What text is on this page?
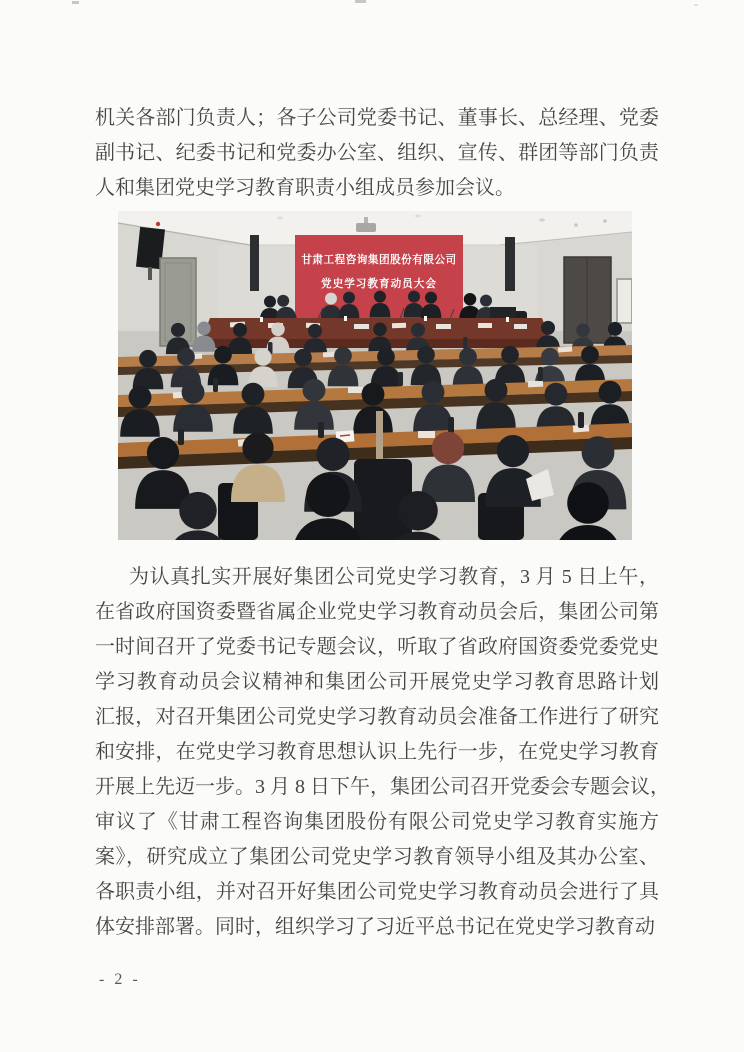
机关各部门负责人；各子公司党委书记、董事长、总经理、党委
副书记、纪委书记和党委办公室、组织、宣传、群团等部门负责
人和集团党史学习教育职责小组成员参加会议。
甘肃工程咨询集团股份有限公司
党史学习教育动员大会
为认真扎实开展好集团公司党史学习教育，3 月 5 日上午，
在省政府国资委暨省属企业党史学习教育动员会后，集团公司第
一时间召开了党委书记专题会议，听取了省政府国资委党委党史
学习教育动员会议精神和集团公司开展党史学习教育思路计划
汇报，对召开集团公司党史学习教育动员会准备工作进行了研究
和安排，在党史学习教育思想认识上先行一步，在党史学习教育
开展上先迈一步。3 月 8 日下午，集团公司召开党委会专题会议，
审议了《甘肃工程咨询集团股份有限公司党史学习教育实施方
案》，研究成立了集团公司党史学习教育领导小组及其办公室、
各职责小组，并对召开好集团公司党史学习教育动员会进行了具
体安排部署。同时，组织学习了习近平总书记在党史学习教育动
- 2 -
